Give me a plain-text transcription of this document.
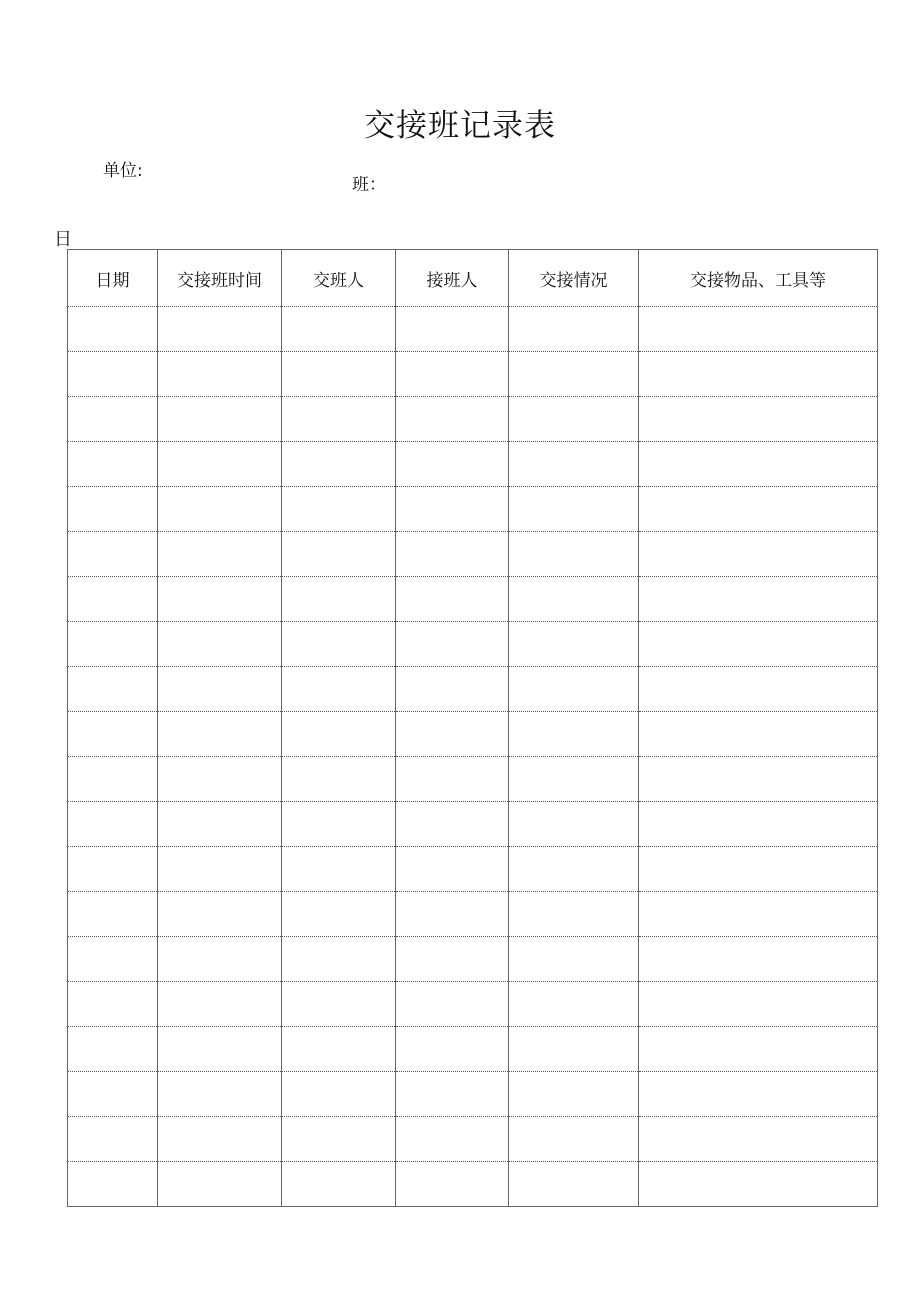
交接班记录表
单位:
班：
日
日期	交接班时间	交班人	接班人	交接情况	交接物品、工具等
